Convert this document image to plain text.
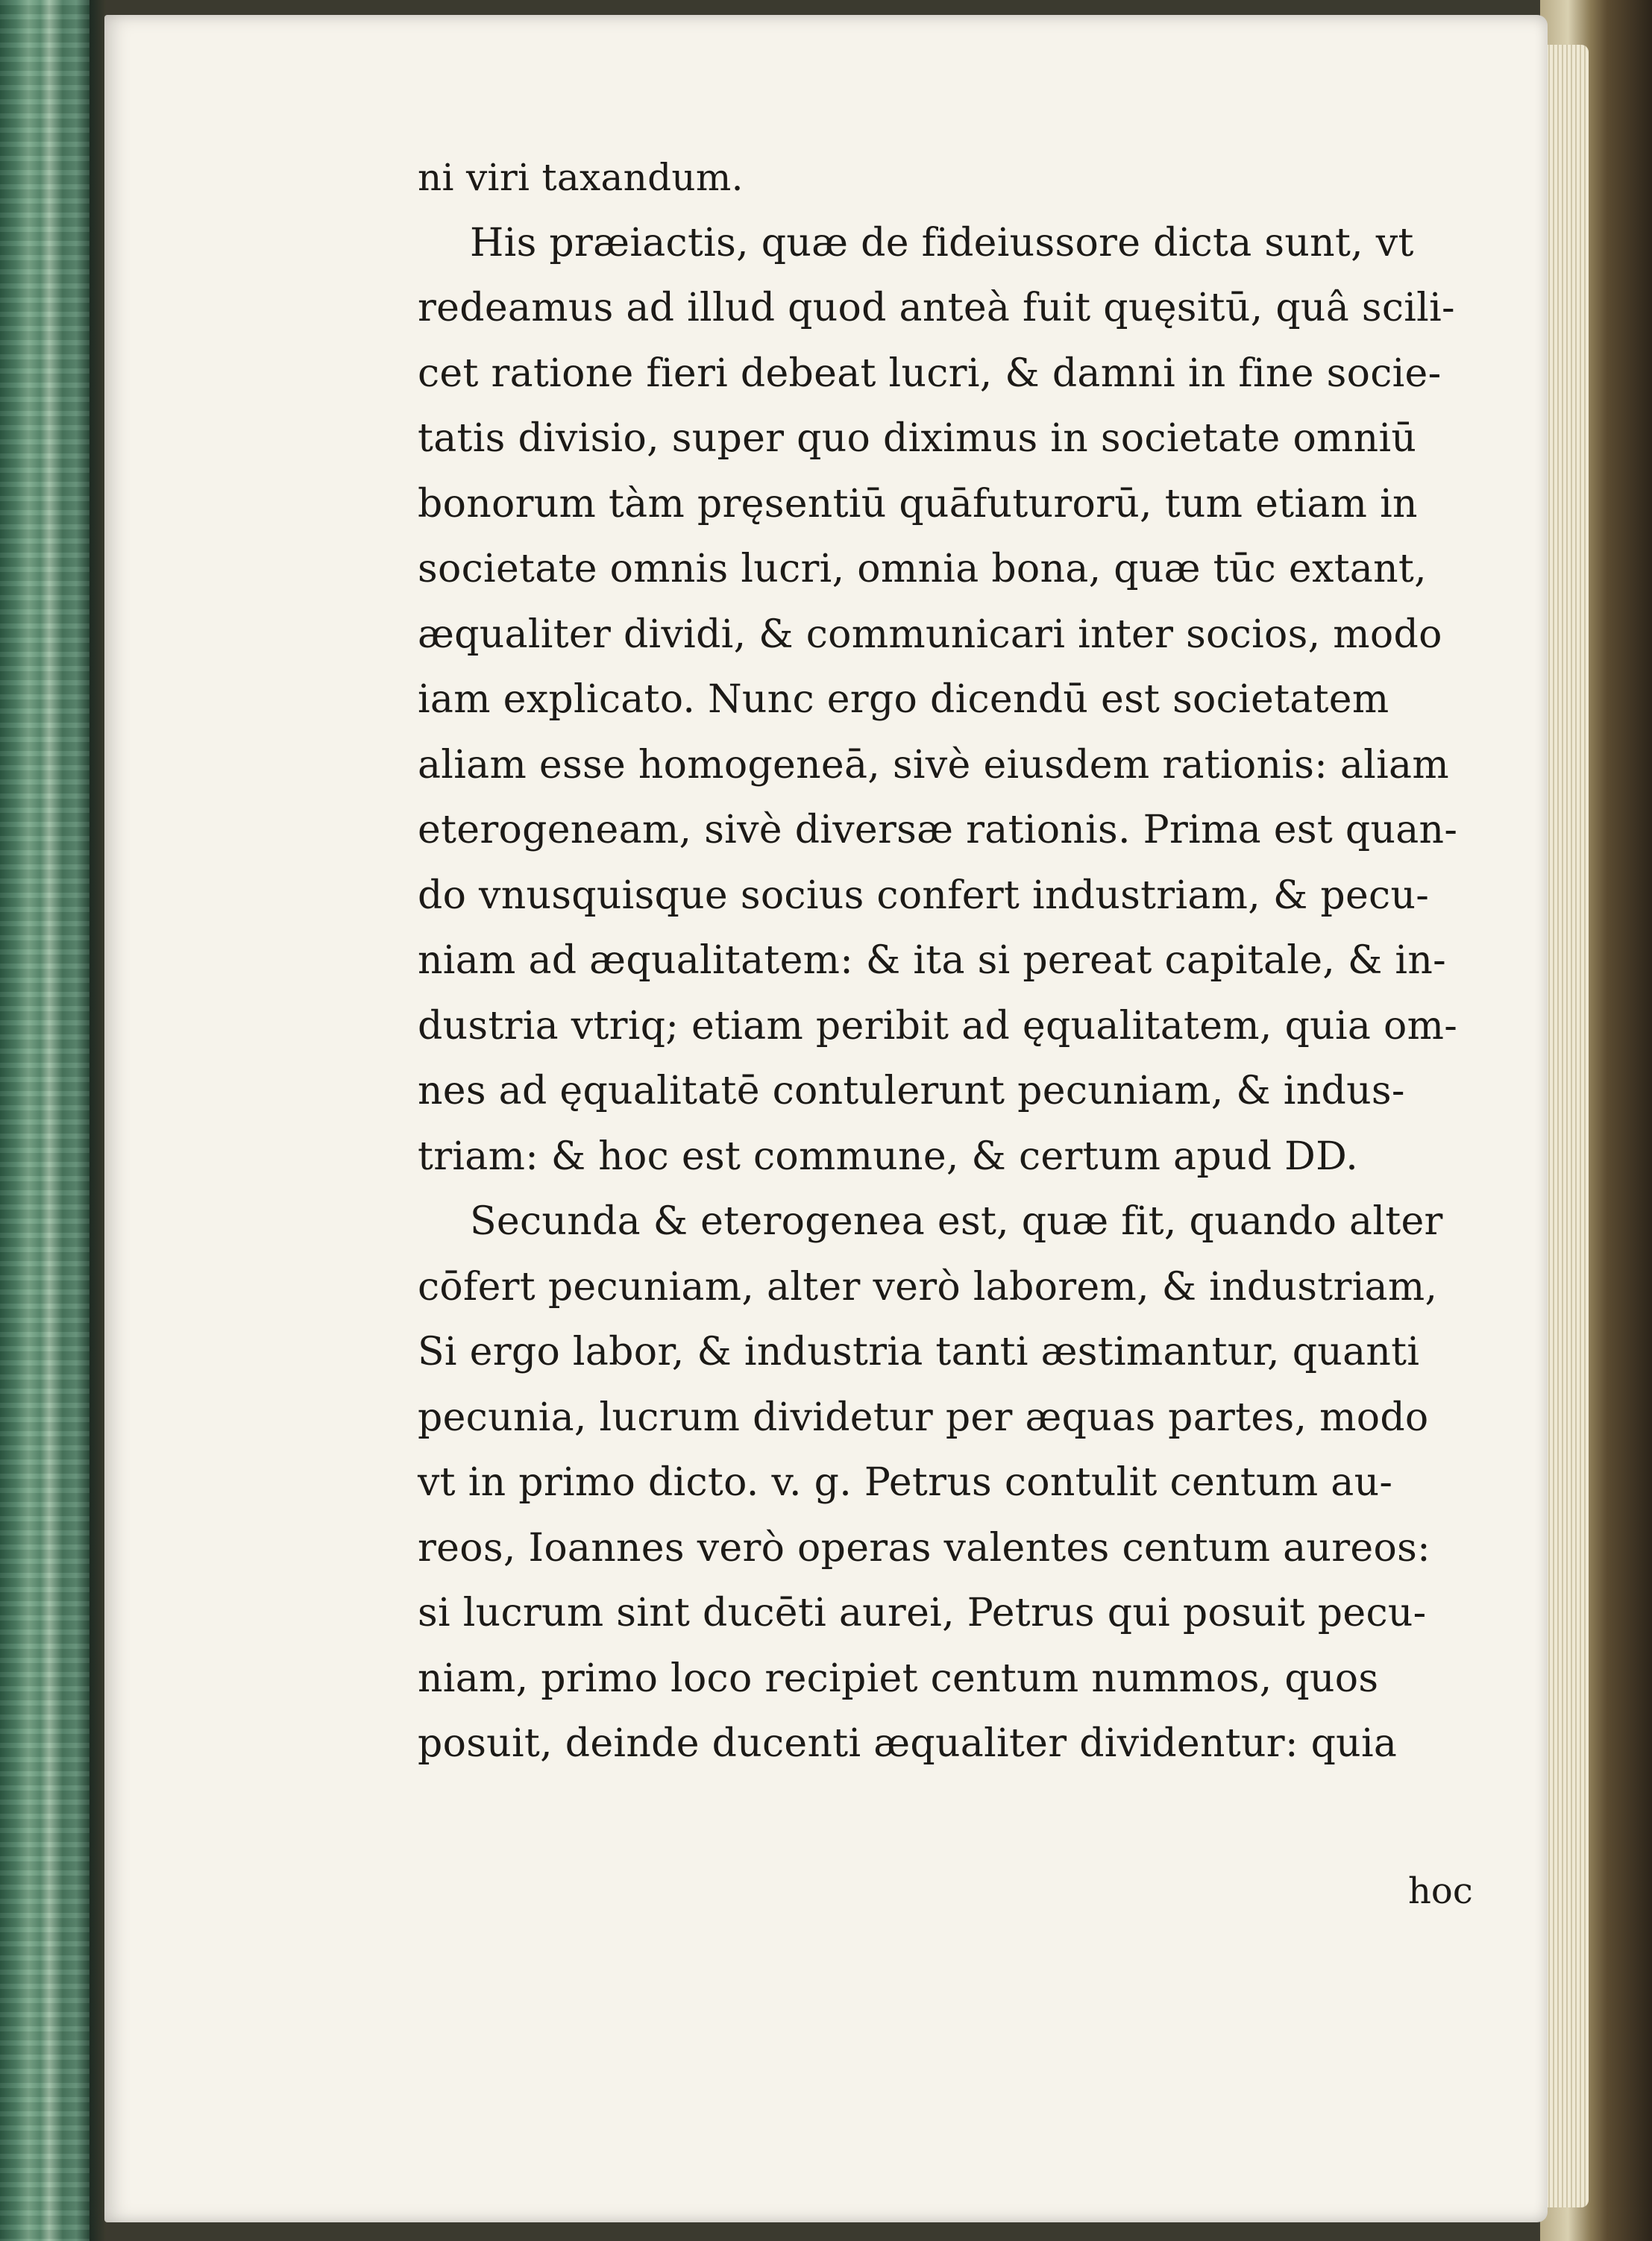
ni viri taxandum.
His præiactis, quæ de fideiussore dicta sunt, vt
redeamus ad illud quod anteà fuit quęsitū, quâ scili-
cet ratione fieri debeat lucri, & damni in fine socie-
tatis divisio, super quo diximus in societate omniū
bonorum tàm pręsentiū quāfuturorū, tum etiam in
societate omnis lucri, omnia bona, quæ tūc extant,
æqualiter dividi, & communicari inter socios, modo
iam explicato. Nunc ergo dicendū est societatem
aliam esse homogeneā, sivè eiusdem rationis: aliam
eterogeneam, sivè diversæ rationis. Prima est quan-
do vnusquisque socius confert industriam, & pecu-
niam ad æqualitatem: & ita si pereat capitale, & in-
dustria vtriq; etiam peribit ad ęqualitatem, quia om-
nes ad ęqualitatē contulerunt pecuniam, & indus-
triam: & hoc est commune, & certum apud DD.
Secunda & eterogenea est, quæ fit, quando alter
cōfert pecuniam, alter verò laborem, & industriam,
Si ergo labor, & industria tanti æstimantur, quanti
pecunia, lucrum dividetur per æquas partes, modo
vt in primo dicto. v. g. Petrus contulit centum au-
reos, Ioannes verò operas valentes centum aureos:
si lucrum sint ducēti aurei, Petrus qui posuit pecu-
niam, primo loco recipiet centum nummos, quos
posuit, deinde ducenti æqualiter dividentur: quia
hoc
